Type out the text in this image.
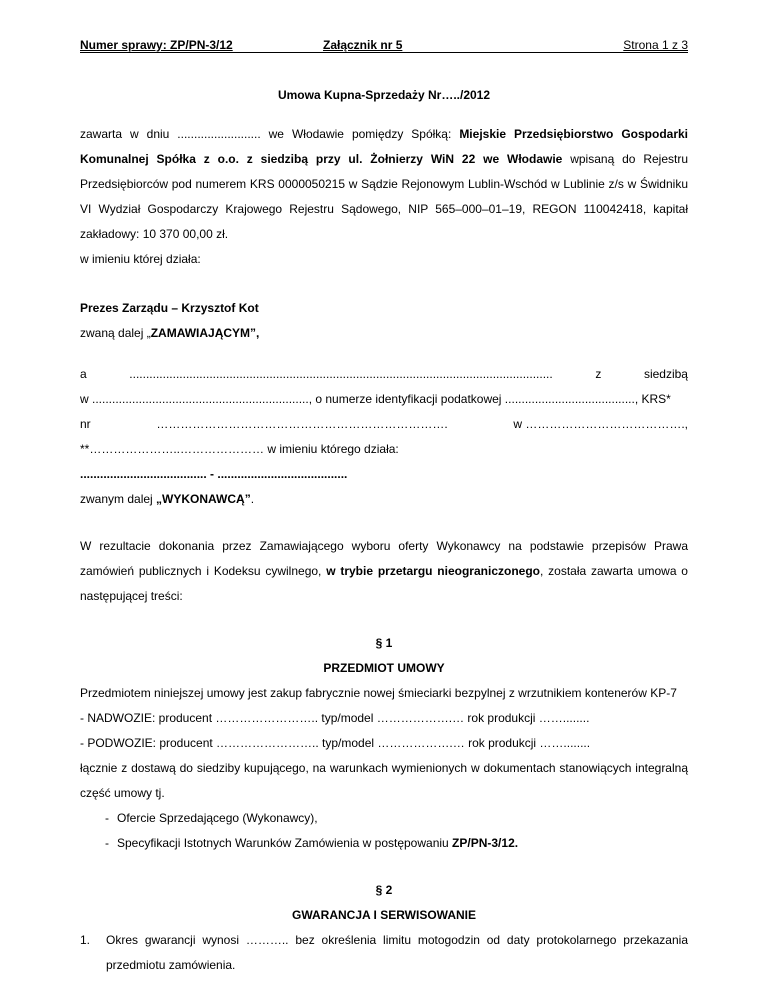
Numer sprawy: ZP/PN-3/12	Załącznik nr 5	Strona 1 z 3
Umowa Kupna-Sprzedaży Nr…../2012
zawarta w dniu ......................... we Włodawie pomiędzy Spółką: Miejskie Przedsiębiorstwo Gospodarki Komunalnej Spółka z o.o. z siedzibą przy ul. Żołnierzy WiN 22 we Włodawie wpisaną do Rejestru Przedsiębiorców pod numerem KRS 0000050215 w Sądzie Rejonowym Lublin-Wschód w Lublinie z/s w Świdniku VI Wydział Gospodarczy Krajowego Rejestru Sądowego, NIP 565–000–01–19, REGON 110042418, kapitał zakładowy: 10 370 00,00 zł.
w imieniu której działa:
Prezes Zarządu – Krzysztof Kot
zwaną dalej „ZAMAWIAJĄCYM”,
a	...............................................................................................................................	z	siedzibą
w ................................................................., o numerze identyfikacji podatkowej ......................................., KRS*
nr	……………………………………………………………….	w ………………………………….,
**…………………..………………… w imieniu którego działa:
...................................... - .......................................
zwanym dalej „WYKONAWCĄ”.
W rezultacie dokonania przez Zamawiającego wyboru oferty Wykonawcy na podstawie przepisów Prawa zamówień publicznych i Kodeksu cywilnego, w trybie przetargu nieograniczonego, została zawarta umowa o następującej treści:
§ 1
PRZEDMIOT UMOWY
Przedmiotem niniejszej umowy jest zakup fabrycznie nowej śmieciarki bezpylnej z wrzutnikiem kontenerów KP-7
- NADWOZIE: producent …………………….. typ/model ……………….… rok produkcji ……........
- PODWOZIE: producent …………………….. typ/model ……………….… rok produkcji ……........
łącznie z dostawą do siedziby kupującego, na warunkach wymienionych w dokumentach stanowiących integralną część umowy tj.
- Ofercie Sprzedającego (Wykonawcy),
- Specyfikacji Istotnych Warunków Zamówienia w postępowaniu ZP/PN-3/12.
§ 2
GWARANCJA I SERWISOWANIE
1.	Okres gwarancji wynosi ……….. bez określenia limitu motogodzin od daty protokolarnego przekazania przedmiotu zamówienia.
